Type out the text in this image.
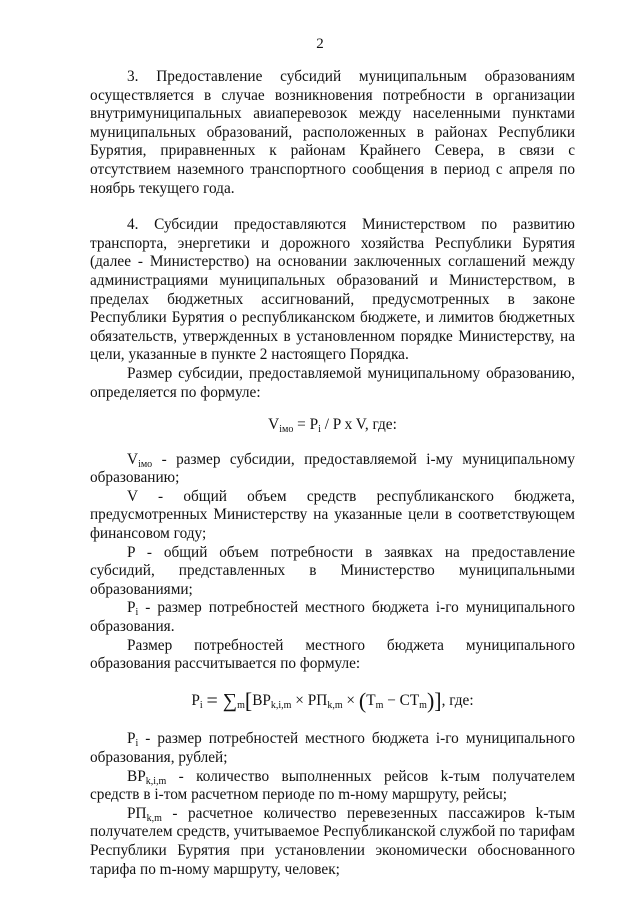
2

3. Предоставление субсидий муниципальным образованиям осуществляется в случае возникновения потребности в организации внутримуниципальных авиаперевозок между населенными пунктами муниципальных образований, расположенных в районах Республики Бурятия, приравненных к районам Крайнего Севера, в связи с отсутствием наземного транспортного сообщения в период с апреля по ноябрь текущего года.

4. Субсидии предоставляются Министерством по развитию транспорта, энергетики и дорожного хозяйства Республики Бурятия (далее - Министерство) на основании заключенных соглашений между администрациями муниципальных образований и Министерством, в пределах бюджетных ассигнований, предусмотренных в законе Республики Бурятия о республиканском бюджете, и лимитов бюджетных обязательств, утвержденных в установленном порядке Министерству, на цели, указанные в пункте 2 настоящего Порядка.

Размер субсидии, предоставляемой муниципальному образованию, определяется по формуле:

$V_{iмо} = P_i / P$ x V, где:

$V_{iмо}$ - размер субсидии, предоставляемой i-му муниципальному образованию;

V - общий объем средств республиканского бюджета, предусмотренных Министерству на указанные цели в соответствующем финансовом году;

P - общий объем потребности в заявках на предоставление субсидий, представленных в Министерство муниципальными образованиями;

$P_i$ - размер потребностей местного бюджета i-го муниципального образования.

Размер потребностей местного бюджета муниципального образования рассчитывается по формуле:

$P_i = \sum_m[BP_{k,i,m} \times РП_{k,m} \times (T_m - CT_m)]$, где:

$P_i$ - размер потребностей местного бюджета i-го муниципального образования, рублей;

$BP_{k,i,m}$ - количество выполненных рейсов k-тым получателем средств в i-том расчетном периоде по m-ному маршруту, рейсы;

$РП_{k,m}$ - расчетное количество перевезенных пассажиров k-тым получателем средств, учитываемое Республиканской службой по тарифам Республики Бурятия при установлении экономически обоснованного тарифа по m-ному маршруту, человек;
